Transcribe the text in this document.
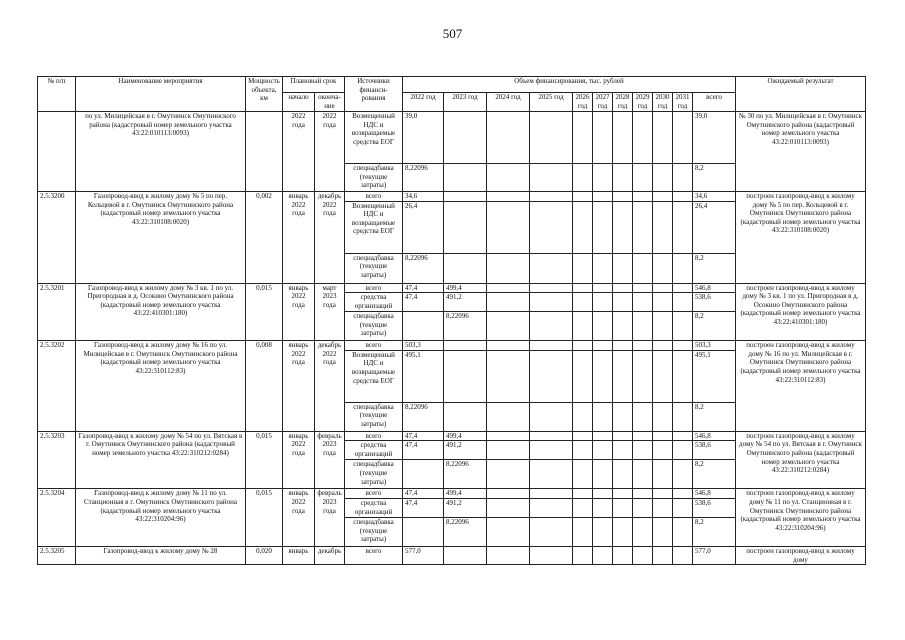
507
№ п/п	Наименование мероприятия	Мощность объекта, км	Плановый срок		Источники финанси- рования	Объем финансирования, тыс. рублей											Ожидаемый результат
			начало	оконча- ние		2022 год	2023 год	2024 год	2025 год	2026 год	2027 год	2028 год	2029 год	2030 год	2031 год	всего	
	по ул. Милицейская в г. Омутнинск Омутнинского района (кадастровый номер земельного участка 43:22:010113:0093)		2022 года	2022 года	Возмещенный НДС и возвращаемые средства ЕОГ	39,0										39,0	№ 30 по ул. Милицейская в г. Омутнинск Омутнинского района (кадастровый номер земельного участка 43:22:010113:0093)
					спецнадбавка (текущие затраты)	8,22096										8,2	
2.5.3200	Газопровод-ввод к жилому дому № 5 по пер. Кольцевой в г. Омутнинск Омутнинского района (кадастровый номер земельного участка 43:22:310108:0020)	0,002	январь 2022 года	декабрь 2022 года	всего	34,6										34,6	построен газопровод-ввод к жилому дому № 5 по пер. Кольцевой в г. Омутнинск Омутнинского района (кадастровый номер земельного участка 43:22:310108:0020)
					Возмещенный НДС и возвращаемые средства ЕОГ	26,4										26,4	
					спецнадбавка (текущие затраты)	8,22096										8,2	
2.5.3201	Газопровод-ввод к жилому дому № 3 кв. 1 по ул. Пригородная в д. Осокино Омутнинского района (кадастровый номер земельного участка 43:22:410301:180)	0,015	январь 2022 года	март 2023 года	всего	47,4	499,4									546,8	построен газопровод-ввод к жилому дому № 3 кв. 1 по ул. Пригородная в д. Осокино Омутнинского района (кадастровый номер земельного участка 43:22:410301:180)
					средства организаций	47,4	491,2									538,6	
					спецнадбавка (текущие затраты)		8,22096									8,2	
2.5.3202	Газопровод-ввод к жилому дому № 16 по ул. Милицейская в г. Омутнинск Омутнинского района (кадастровый номер земельного участка 43:22:310112:83)	0,008	январь 2022 года	декабрь 2022 года	всего	503,3										503,3	построен газопровод-ввод к жилому дому № 16 по ул. Милицейская в г. Омутнинск Омутнинского района (кадастровый номер земельного участка 43:22:310112:83)
					Возмещенный НДС и возвращаемые средства ЕОГ	495,1										495,1	
					спецнадбавка (текущие затраты)	8,22096										8,2	
2.5.3203	Газопровод-ввод к жилому дому № 54 по ул. Вятская в г. Омутнинск Омутнинского района (кадастровый номер земельного участка 43:22:310212:0284)	0,015	январь 2022 года	февраль 2023 года	всего	47,4	499,4									546,8	построен газопровод-ввод к жилому дому № 54 по ул. Вятская в г. Омутнинск Омутнинского района (кадастровый номер земельного участка 43:22:310212:0284)
					средства организаций	47,4	491,2									538,6	
					спецнадбавка (текущие затраты)		8,22096									8,2	
2.5.3204	Газопровод-ввод к жилому дому № 11 по ул. Станционная в г. Омутнинск Омутнинского района (кадастровый номер земельного участка 43:22:310204:96)	0,015	январь 2022 года	февраль 2023 года	всего	47,4	499,4									546,8	построен газопровод-ввод к жилому дому № 11 по ул. Станционная в г. Омутнинск Омутнинского района (кадастровый номер земельного участка 43:22:310204:96)
					средства организаций	47,4	491,2									538,6	
					спецнадбавка (текущие затраты)		8,22096									8,2	
2.5.3205	Газопровод-ввод к жилому дому № 28	0,020	январь	декабрь	всего	577,0										577,0	построен газопровод-ввод к жилому дому
